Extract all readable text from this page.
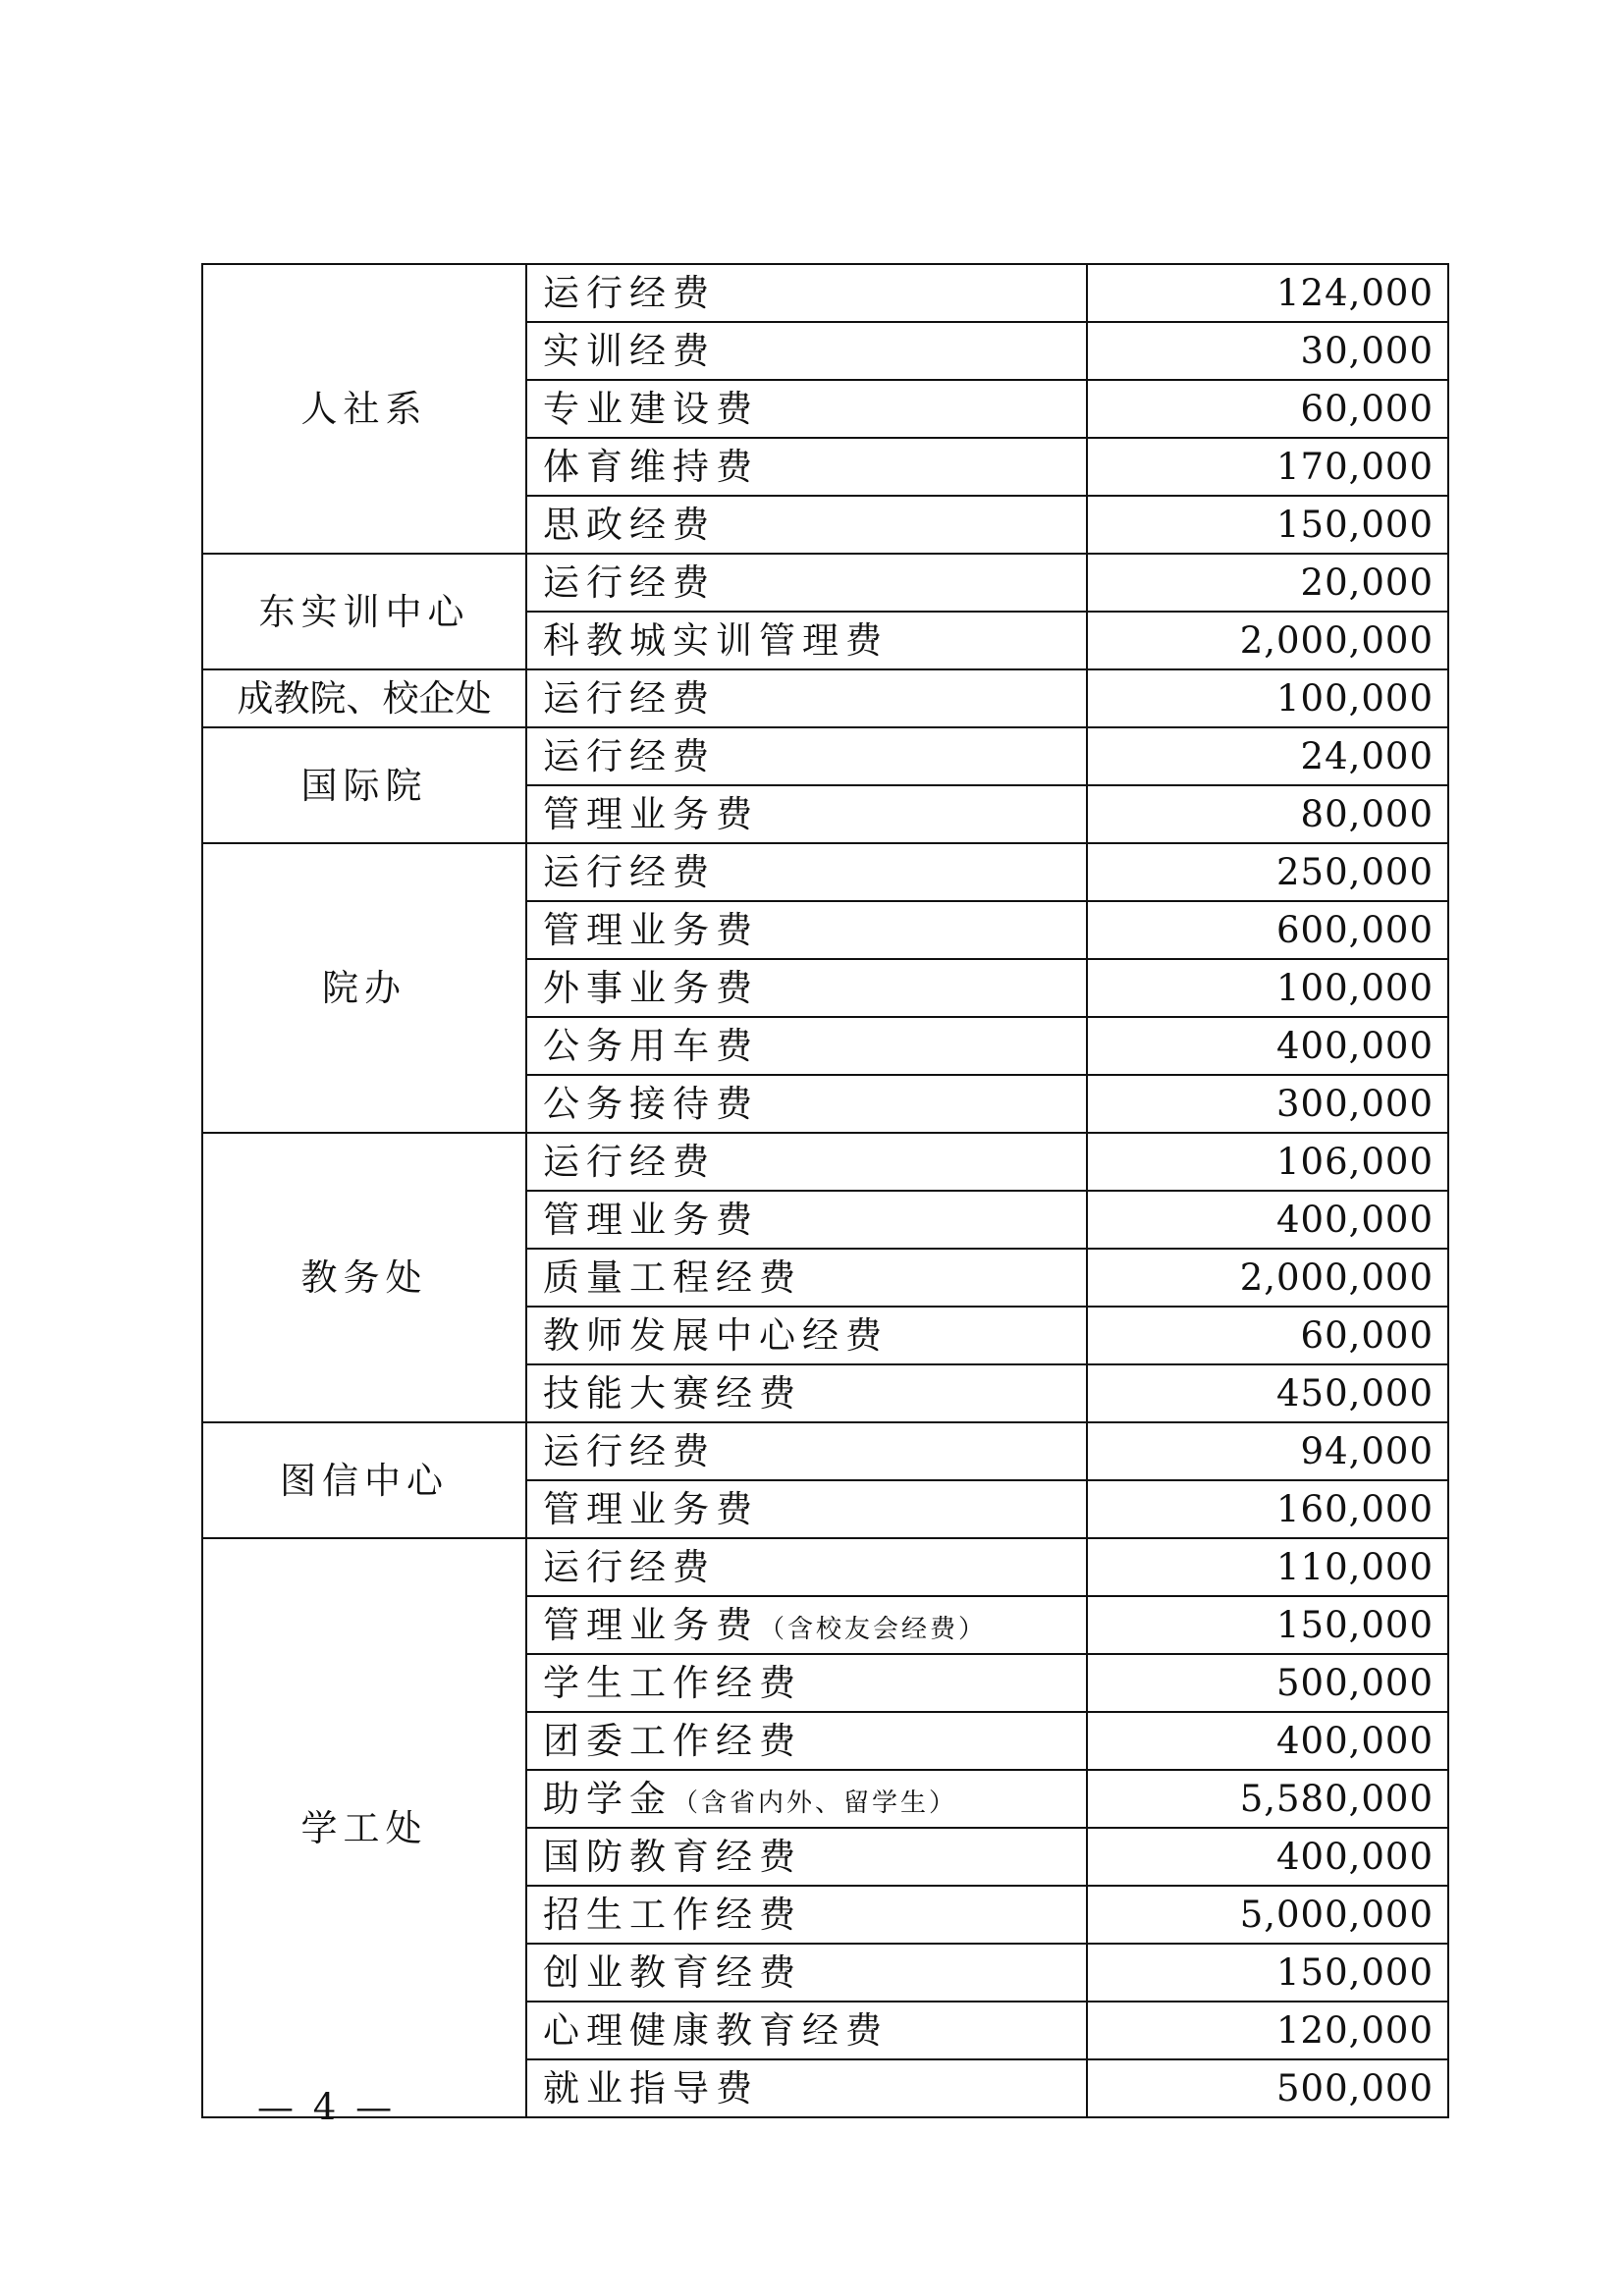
人社系	运行经费	124,000
	实训经费	30,000
	专业建设费	60,000
	体育维持费	170,000
	思政经费	150,000
东实训中心	运行经费	20,000
	科教城实训管理费	2,000,000
成教院、校企处	运行经费	100,000
国际院	运行经费	24,000
	管理业务费	80,000
院办	运行经费	250,000
	管理业务费	600,000
	外事业务费	100,000
	公务用车费	400,000
	公务接待费	300,000
教务处	运行经费	106,000
	管理业务费	400,000
	质量工程经费	2,000,000
	教师发展中心经费	60,000
	技能大赛经费	450,000
图信中心	运行经费	94,000
	管理业务费	160,000
学工处	运行经费	110,000
	管理业务费（含校友会经费）	150,000
	学生工作经费	500,000
	团委工作经费	400,000
	助学金（含省内外、留学生）	5,580,000
	国防教育经费	400,000
	招生工作经费	5,000,000
	创业教育经费	150,000
	心理健康教育经费	120,000
	就业指导费	500,000
— 4 —
